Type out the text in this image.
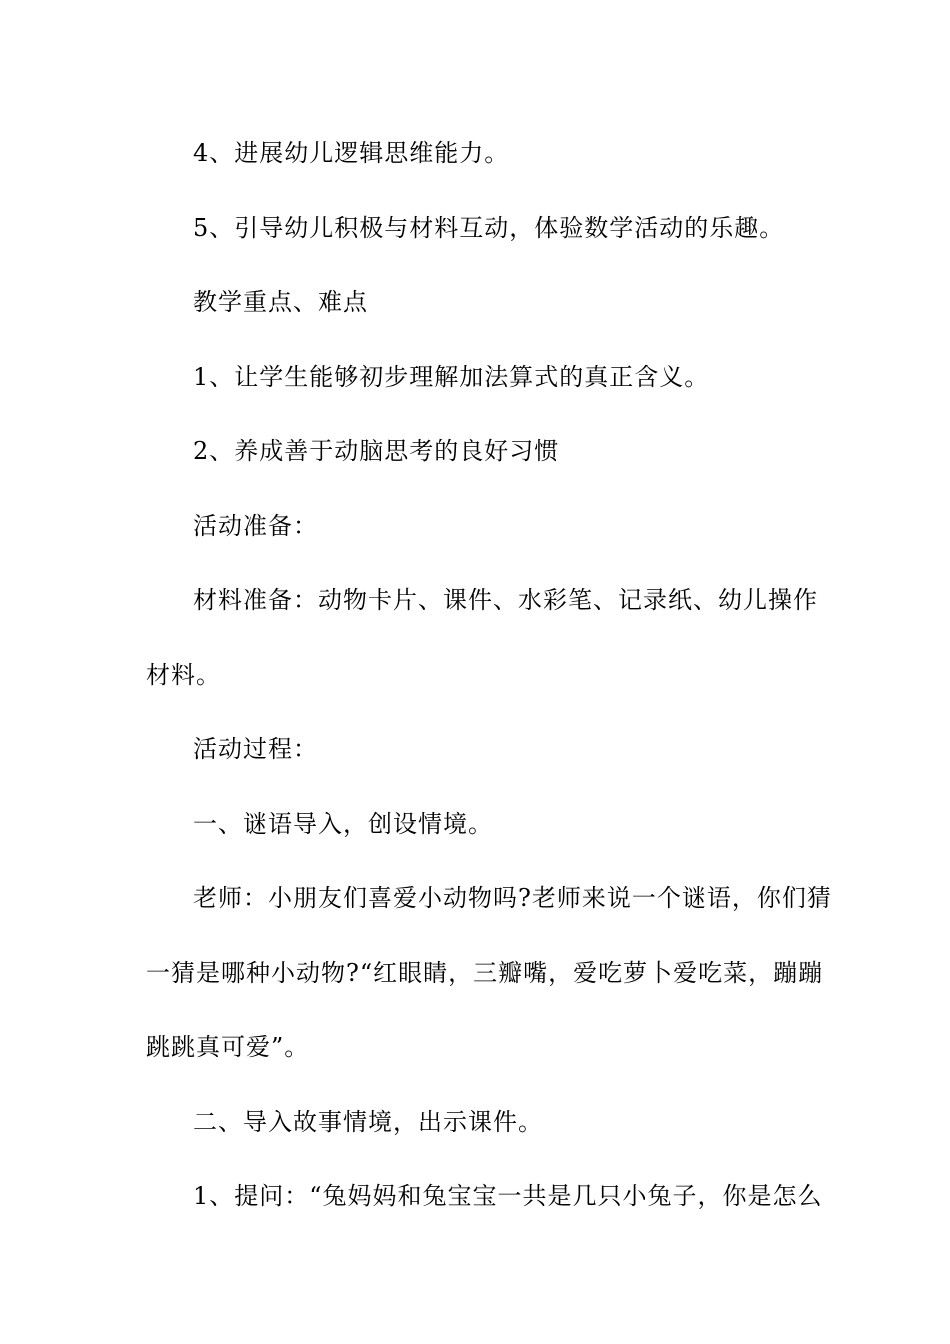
4、进展幼儿逻辑思维能力。
5、引导幼儿积极与材料互动，体验数学活动的乐趣。
教学重点、难点
1、让学生能够初步理解加法算式的真正含义。
2、养成善于动脑思考的良好习惯
活动准备：
材料准备：动物卡片、课件、水彩笔、记录纸、幼儿操作
材料。
活动过程：
一、谜语导入，创设情境。
老师：小朋友们喜爱小动物吗?老师来说一个谜语，你们猜
一猜是哪种小动物?“红眼睛，三瓣嘴，爱吃萝卜爱吃菜，蹦蹦
跳跳真可爱”。
二、导入故事情境，出示课件。
1、提问：“兔妈妈和兔宝宝一共是几只小兔子，你是怎么
